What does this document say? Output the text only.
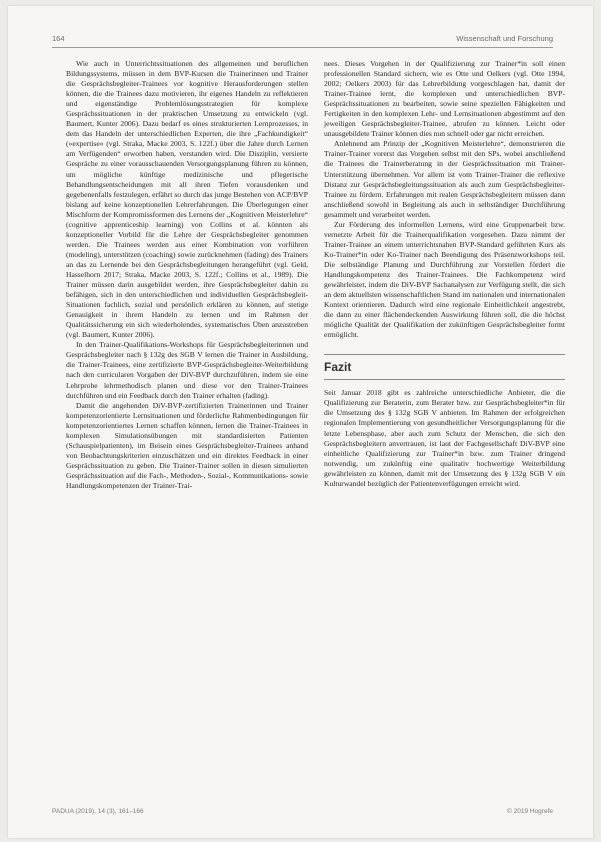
164	Wissenschaft und Forschung

Wie auch in Unterrichtssituationen des allgemeinen und beruflichen Bildungssystems, müssen in dem BVP-Kursen die Trainerinnen und Trainer die Gesprächsbegleiter-Trainees vor kognitive Herausforderungen stellen können, die die Trainees dazu motivieren, ihr eigenes Handeln zu reflektieren und eigenständige Problemlösungsstrategien für komplexe Gesprächssituationen in der praktischen Umsetzung zu entwickeln (vgl. Baumert, Kunter 2006). Dazu bedarf es eines strukturierten Lernprozesses, in dem das Handeln der unterschiedlichen Experten, die ihre „Fachkundigkeit“ (»expertise« (vgl. Straka, Macke 2003, S. 122f.) über die Jahre durch Lernen am Verfügenden“ erworben haben, verstanden wird. Die Disziplin, versierte Gespräche zu einer vorausschauenden Versorgungsplanung führen zu können, um mögliche künftige medizinische und pflegerische Behandlungsentscheidungen mit all ihren Tiefen vorausdenken und gegebenenfalls festzulegen, erfährt so durch das junge Bestehen von ACP/BVP bislang auf keine konzeptionellen Lehrerfahrungen. Die Überlegungen einer Mischform der Kompromissformen des Lernens der „Kognitiven Meisterlehre“ (cognitive apprenticeship learning) von Collins et al. könnten als konzeptioneller Vorbild für die Lehre der Gesprächsbegleiter genommen werden. Die Trainees werden aus einer Kombination von vorführen (modeling), unterstützen (coaching) sowie zurücknehmen (fading) des Trainers an das zu Lernende bei den Gesprächsbegleitungen herangeführt (vgl. Geld, Hasselhorn 2017; Straka, Macke 2003, S. 122f.; Collins et al., 1989). Die Trainer müssen darin ausgebildet werden, ihre Gesprächsbegleiter dahin zu befähigen, sich in den unterschiedlichen und individuellen Gesprächsbegleit-Situationen fachlich, sozial und persönlich erklären zu können, auf stetige Genauigkeit in ihrem Handeln zu lernen und im Rahmen der Qualitätssicherung ein sich wiederholendes, systematisches Üben anzustreben (vgl. Baumert, Kunter 2006).

In den Trainer-Qualifikations-Workshops für Gesprächsbegleiterinnen und Gesprächsbegleiter nach § 132g des SGB V lernen die Trainer in Ausbildung, die Trainer-Trainees, eine zertifizierte BVP-Gesprächsbegleiter-Weiterbildung nach den curricularen Vorgaben der DiV-BVP durchzuführen, indem sie eine Lehrprobe lehrmethodisch planen und diese vor den Trainer-Trainees durchführen und ein Feedback durch den Trainer erhalten (fading).

Damit die angehenden DiV-BVP-zertifizierten Trainerinnen und Trainer kompetenzorientierte Lernsituationen und förderliche Rahmenbedingungen für kompetenzorientiertes Lernen schaffen können, lernen die Trainer-Trainees in komplexen Simulationsübungen mit standardisierten Patienten (Schauspielpatienten), im Beisein eines Gesprächsbegleiter-Trainees anhand von Beobachtungskriterien einzuschätzen und ein direktes Feedback in einer Gesprächssituation zu geben. Die Trainer-Trainer sollen in diesen simulierten Gesprächssituation auf die Fach-, Methoden-, Sozial-, Kommunikations- sowie Handlungskompetenzen der Trainer-Trai-

nees. Dieses Vorgehen in der Qualifizierung zur Trainer*in soll einen professionellen Standard sichern, wie es Otte und Oelkers (vgl. Otte 1994, 2002; Oelkers 2003) für das Lehrerbildung vorgeschlagen hat, damit der Trainer-Trainee lernt, die komplexen und unterschiedlichen BVP-Gesprächssituationen zu bearbeiten, sowie seine speziellen Fähigkeiten und Fertigkeiten in den komplexen Lehr- und Lernsituationen abgestimmt auf den jeweiligen Gesprächsbegleiter-Trainee, abrufen zu können. Leicht oder unausgebildete Trainer können dies nun schnell oder gar nicht erreichen.

Anlehnend am Prinzip der „Kognitiven Meisterlehre“, demonstrieren die Trainer-Trainer vorerst das Vorgehen selbst mit den SPs, wobei anschließend die Trainees die Trainerberatung in der Gesprächssituation mit Trainer-Unterstützung übernehmen. Vor allem ist vom Trainer-Trainer die reflexive Distanz zur Gesprächsbegleitungssituation als auch zum Gesprächsbegleiter-Trainee zu fördern. Erfahrungen mit realen Gesprächsbegleitern müssen dann anschließend sowohl in Begleitung als auch in selbständiger Durchführung gesammelt und verarbeitet werden.

Zur Förderung des informellen Lernens, wird eine Gruppenarbeit bzw. vernetzte Arbeit für die Trainerqualifikation vorgesehen. Dazu nimmt der Trainer-Trainee an einem unterrichtsnahen BVP-Standard geführten Kurs als Ko-Trainer*in oder Ko-Trainer nach Beendigung des Präsenzworkshops teil. Die selbständige Planung und Durchführung zur Vorstellen fördert die Handlungskompetenz des Trainer-Trainees. Die Fachkompetenz wird gewährleistet, indem die DiV-BVP Sachanalysen zur Verfügung stellt, die sich an dem aktuellsten wissenschaftlichen Stand im nationalen und internationalen Kontext orientieren. Dadurch wird eine regionale Einheitlichkeit angestrebt, die dann zu einer flächendeckenden Auswirkung führen soll, die die höchst mögliche Qualität der Qualifikation der zukünftigen Gesprächsbegleiter formt ermöglicht.

Fazit

Seit Januar 2018 gibt es zahlreiche unterschiedliche Anbieter, die die Qualifizierung zur Beraterin, zum Berater bzw. zur Gesprächsbegleiter*in für die Umsetzung des § 132g SGB V anbieten. Im Rahmen der erfolgreichen regionalen Implementierung von gesundheitlicher Versorgungsplanung für die letzte Lebensphase, aber auch zum Schutz der Menschen, die sich den Gesprächsbegleitern anvertrauen, ist laut der Fachgesellschaft DiV-BVP eine einheitliche Qualifizierung zur Trainer*in bzw. zum Trainer dringend notwendig, um zukünftig eine qualitativ hochwertige Weiterbildung gewährleisten zu können, damit mit der Umsetzung des § 132g SGB V ein Kulturwandel bezüglich der Patientenverfügungen erreicht wird.

PADUA (2019), 14 (3), 161–166	© 2019 Hogrefe
